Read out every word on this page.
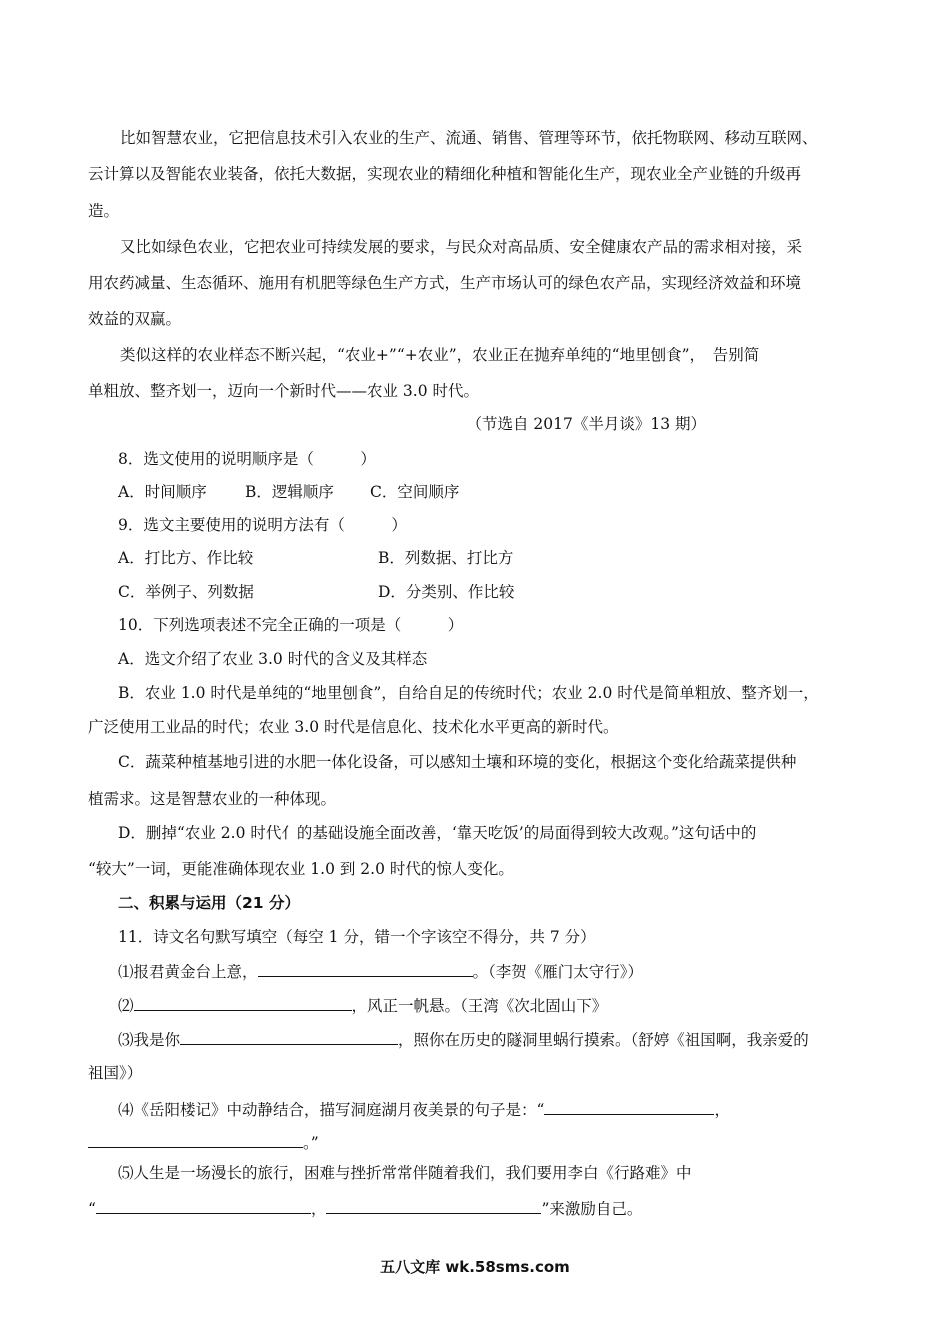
比如智慧农业，它把信息技术引入农业的生产、流通、销售、管理等环节，依托物联网、移动互联网、
云计算以及智能农业装备，依托大数据，实现农业的精细化种植和智能化生产，现农业全产业链的升级再
造。
又比如绿色农业，它把农业可持续发展的要求，与民众对高品质、安全健康农产品的需求相对接，采
用农药减量、生态循环、施用有机肥等绿色生产方式，生产市场认可的绿色农产品，实现经济效益和环境
效益的双赢。
类似这样的农业样态不断兴起，“农业+”“+农业”，农业正在抛弃单纯的“地里刨食”，　告别简
单粗放、整齐划一，迈向一个新时代——农业 3.0 时代。
（节选自 2017《半月谈》13 期）
8．选文使用的说明顺序是（　　　）
A．时间顺序 B．逻辑顺序 C．空间顺序
9．选文主要使用的说明方法有（　　　）
A．打比方、作比较	B．列数据、打比方
C．举例子、列数据	D．分类别、作比较
10．下列选项表述不完全正确的一项是（　　　）
A．选文介绍了农业 3.0 时代的含义及其样态
B．农业 1.0 时代是单纯的“地里刨食”，自给自足的传统时代；农业 2.0 时代是简单粗放、整齐划一，
广泛使用工业品的时代；农业 3.0 时代是信息化、技术化水平更高的新时代。
C．蔬菜种植基地引进的水肥一体化设备，可以感知土壤和环境的变化，根据这个变化给蔬菜提供种
植需求。这是智慧农业的一种体现。
D．删掉“农业 2.0 时代亻的基础设施全面改善，‘靠天吃饭’的局面得到较大改观。”这句话中的
“较大”一词，更能准确体现农业 1.0 到 2.0 时代的惊人变化。
二、积累与运用（21 分）
11．诗文名句默写填空（每空 1 分，错一个字该空不得分，共 7 分）
⑴报君黄金台上意，	。（李贺《雁门太守行》）
⑵	，风正一帆悬。（王湾《次北固山下》
⑶我是你	，照你在历史的隧洞里蜗行摸索。（舒婷《祖国啊，我亲爱的
祖国》）
⑷《岳阳楼记》中动静结合，描写洞庭湖月夜美景的句子是：“	，
。”
⑸人生是一场漫长的旅行，困难与挫折常常伴随着我们，我们要用李白《行路难》中
“	，	”来激励自己。
五八文库 wk.58sms.com
